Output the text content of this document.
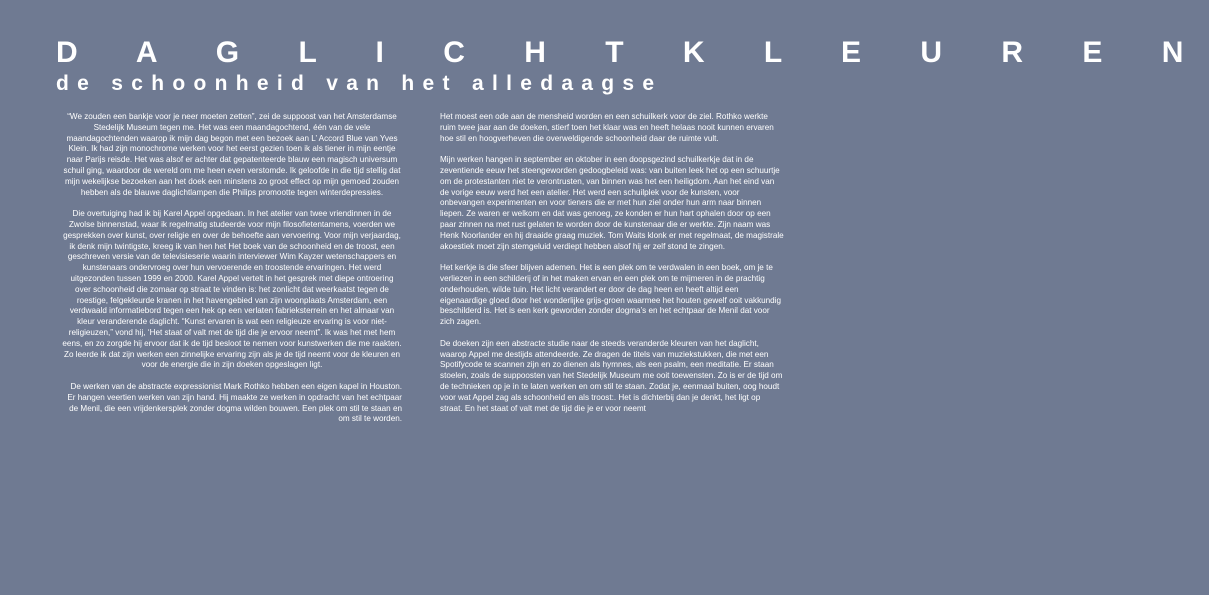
D A G L I C H T K L E U R E N
de schoonheid van het alledaagse

“We zouden een bankje voor je neer moeten zetten”, zei de suppoost van het Amsterdamse Stedelijk Museum tegen me. Het was een maandagochtend, één van de vele maandagochtenden waarop ik mijn dag begon met een bezoek aan L’ Accord Blue van Yves Klein. Ik had zijn monochrome werken voor het eerst gezien toen ik als tiener in mijn eentje naar Parijs reisde. Het was alsof er achter dat gepatenteerde blauw een magisch universum schuil ging, waardoor de wereld om me heen even verstomde. Ik geloofde in die tijd stellig dat mijn wekelijkse bezoeken aan het doek een minstens zo groot effect op mijn gemoed zouden hebben als de blauwe daglichtlampen die Philips promootte tegen winterdepressies.

Die overtuiging had ik bij Karel Appel opgedaan. In het atelier van twee vriendinnen in de Zwolse binnenstad, waar ik regelmatig studeerde voor mijn filosofietentamens, voerden we gesprekken over kunst, over religie en over de behoefte aan vervoering. Voor mijn verjaardag, ik denk mijn twintigste, kreeg ik van hen het Het boek van de schoonheid en de troost, een geschreven versie van de televisieserie waarin interviewer Wim Kayzer wetenschappers en kunstenaars ondervroeg over hun vervoerende en troostende ervaringen. Het werd uitgezonden tussen 1999 en 2000. Karel Appel vertelt in het gesprek met diepe ontroering over schoonheid die zomaar op straat te vinden is: het zonlicht dat weerkaatst tegen de roestige, felgekleurde kranen in het havengebied van zijn woonplaats Amsterdam, een verdwaald informatiebord tegen een hek op een verlaten fabrieksterrein en het almaar van kleur veranderende daglicht. “Kunst ervaren is wat een religieuze ervaring is voor niet-religieuzen,” vond hij, ‘Het staat of valt met de tijd die je ervoor neemt”. Ik was het met hem eens, en zo zorgde hij ervoor dat ik de tijd besloot te nemen voor kunstwerken die me raakten. Zo leerde ik dat zijn werken een zinnelijke ervaring zijn als je de tijd neemt voor de kleuren en voor de energie die in zijn doeken opgeslagen ligt.

De werken van de abstracte expressionist Mark Rothko hebben een eigen kapel in Houston. Er hangen veertien werken van zijn hand. Hij maakte ze werken in opdracht van het echtpaar de Menil, die een vrijdenkersplek zonder dogma wilden bouwen. Een plek om stil te staan en om stil te worden.

Het moest een ode aan de mensheid worden en een schuilkerk voor de ziel. Rothko werkte ruim twee jaar aan de doeken, stierf toen het klaar was en heeft helaas nooit kunnen ervaren hoe stil en hoogverheven die overweldigende schoonheid daar de ruimte vult.

Mijn werken hangen in september en oktober in een doopsgezind schuilkerkje dat in de zeventiende eeuw het steengeworden gedoogbeleid was: van buiten leek het op een schuurtje om de protestanten niet te verontrusten, van binnen was het een heiligdom. Aan het eind van de vorige eeuw werd het een atelier. Het werd een schuilplek voor de kunsten, voor onbevangen experimenten en voor tieners die er met hun ziel onder hun arm naar binnen liepen. Ze waren er welkom en dat was genoeg, ze konden er hun hart ophalen door op een paar zinnen na met rust gelaten te worden door de kunstenaar die er werkte. Zijn naam was Henk Noorlander en hij draaide graag muziek. Tom Waits klonk er met regelmaat, de magistrale akoestiek moet zijn stemgeluid verdiept hebben alsof hij er zelf stond te zingen.

Het kerkje is die sfeer blijven ademen. Het is een plek om te verdwalen in een boek, om je te verliezen in een schilderij of in het maken ervan en een plek om te mijmeren in de prachtig onderhouden, wilde tuin. Het licht verandert er door de dag heen en heeft altijd een eigenaardige gloed door het wonderlijke grijs-groen waarmee het houten gewelf ooit vakkundig beschilderd is. Het is een kerk geworden zonder dogma’s en het echtpaar de Menil dat voor zich zagen.

De doeken zijn een abstracte studie naar de steeds veranderde kleuren van het daglicht, waarop Appel me destijds attendeerde. Ze dragen de titels van muziekstukken, die met een Spotifycode te scannen zijn en zo dienen als hymnes, als een psalm, een meditatie. Er staan stoelen, zoals de suppoosten van het Stedelijk Museum me ooit toewensten. Zo is er de tijd om de technieken op je in te laten werken en om stil te staan. Zodat je, eenmaal buiten, oog houdt voor wat Appel zag als schoonheid en als troost:. Het is dichterbij dan je denkt, het ligt op straat. En het staat of valt met de tijd die je er voor neemt
